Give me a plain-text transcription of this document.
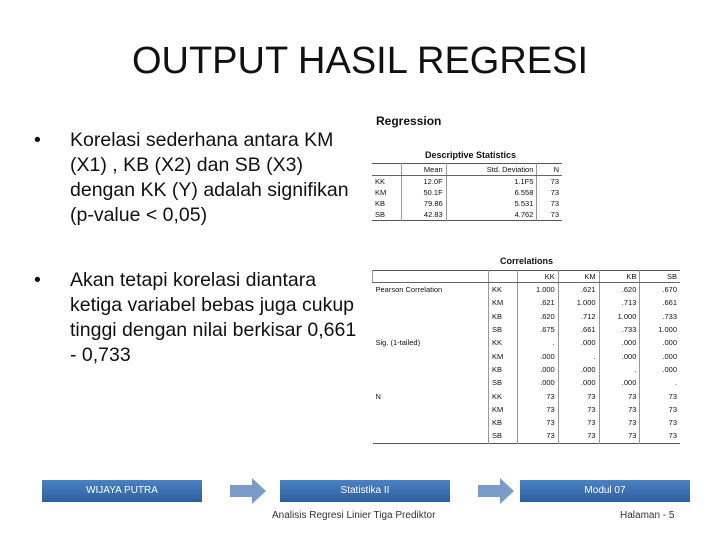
OUTPUT HASIL REGRESI
• Korelasi sederhana antara KM (X1) , KB (X2) dan SB (X3) dengan KK (Y) adalah signifikan (p-value < 0,05)
• Akan tetapi korelasi diantara ketiga variabel bebas juga cukup tinggi dengan nilai berkisar 0,661 - 0,733
Regression
Descriptive Statistics
	Mean	Std. Deviation	N
KK	12.0F	1.1F5	73
KM	50.1F	6.558	73
KB	79.86	5.531	73
SB	42.83	4.762	73
Correlations
		KK	KM	KB	SB
Pearson Correlation	KK	1.000	.621	.620	.670
	KM	.621	1.000	.713	.661
	KB	.620	.712	1.000	.733
	SB	.675	.661	.733	1.000
Sig. (1-tailed)	KK	.	.000	.000	.000
	KM	.000	.	.000	.000
	KB	.000	.000	.	.000
	SB	.000	.000	.000	.
N	KK	73	73	73	73
	KM	73	73	73	73
	KB	73	73	73	73
	SB	73	73	73	73
WIJAYA PUTRA	Statistika II	Modul 07
Analisis Regresi Linier Tiga Prediktor	Halaman - 5
